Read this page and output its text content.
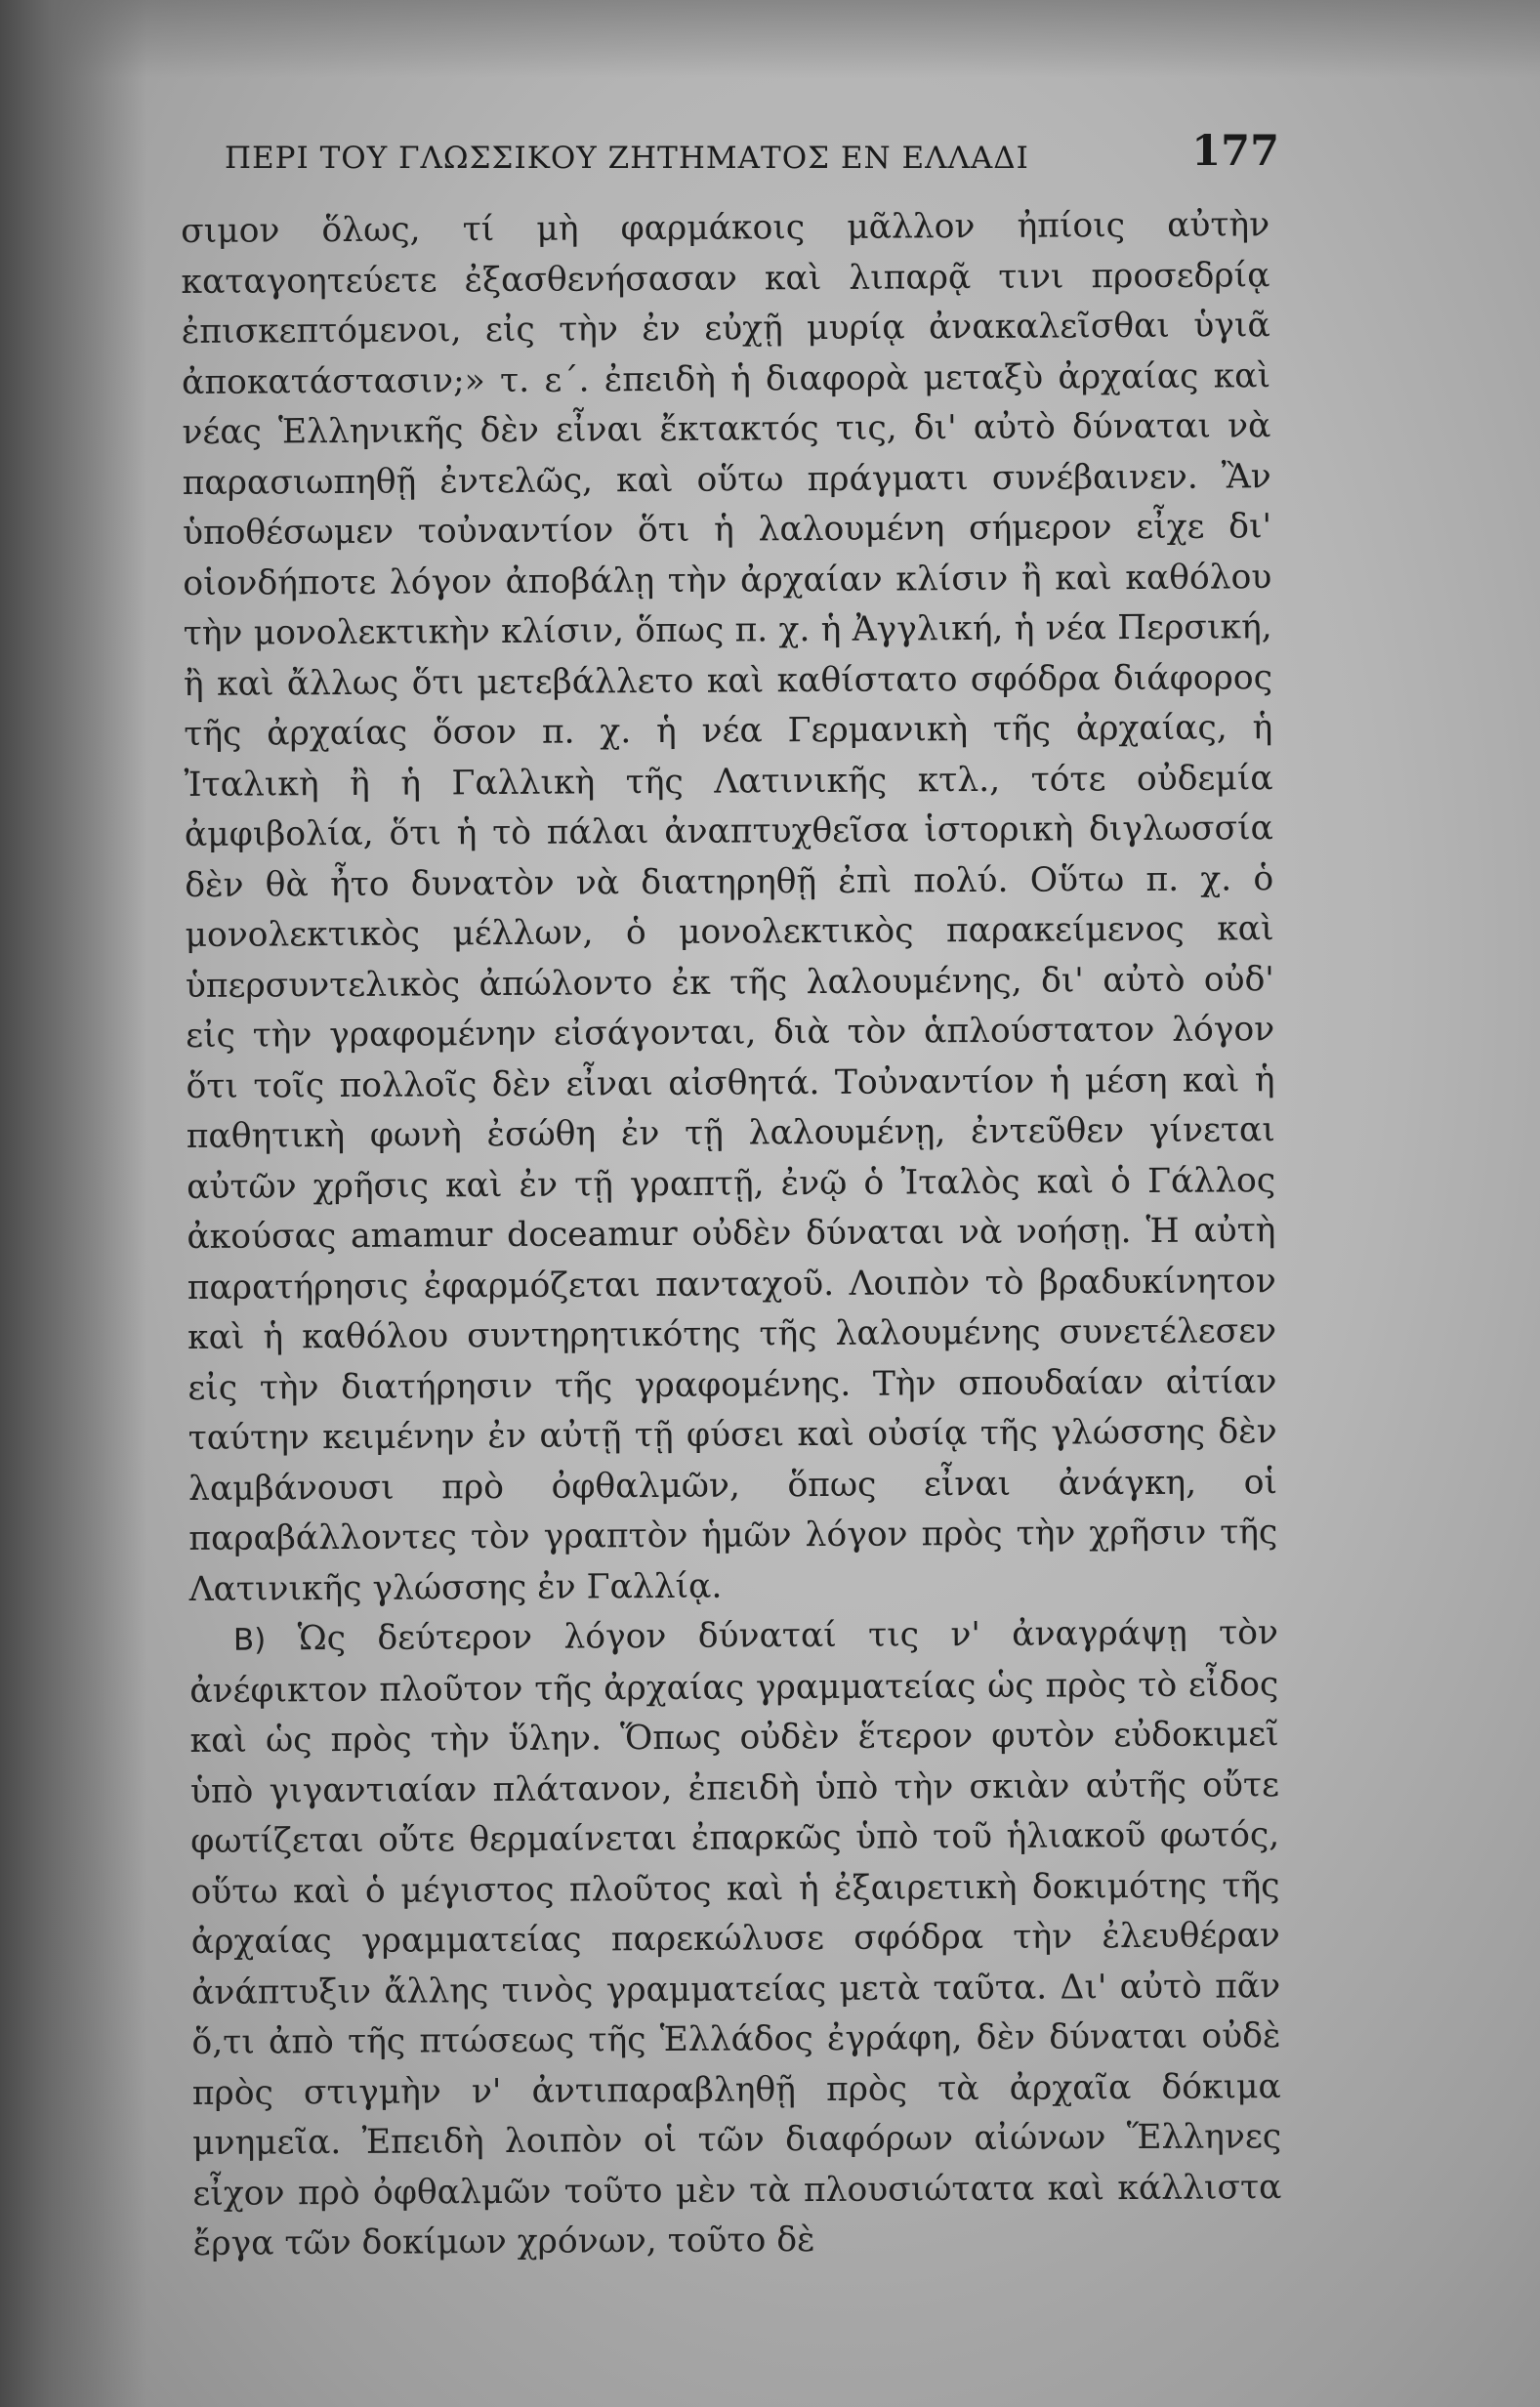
ΠΕΡΙ ΤΟΥ ΓΛΩΣΣΙΚΟΥ ΖΗΤΗΜΑΤΟΣ ΕΝ ΕΛΛΑΔΙ	177

σιμον ὅλως, τί μὴ φαρμάκοις μᾶλλον ἠπίοις αὐτὴν καταγοητεύετε ἐξασθενήσασαν καὶ λιπαρᾷ τινι προσεδρίᾳ ἐπισκεπτόμενοι, εἰς τὴν ἐν εὐχῇ μυρίᾳ ἀνακαλεῖσθαι ὑγιᾶ ἀποκατάστασιν;» τ. ε΄. ἐπειδὴ ἡ διαφορὰ μεταξὺ ἀρχαίας καὶ νέας Ἑλληνικῆς δὲν εἶναι ἔκτακτός τις, δι' αὐτὸ δύναται νὰ παρασιωπηθῇ ἐντελῶς, καὶ οὕτω πράγματι συνέβαινεν. Ἂν ὑποθέσωμεν τοὐναντίον ὅτι ἡ λαλουμένη σήμερον εἶχε δι' οἱονδήποτε λόγον ἀποβάλῃ τὴν ἀρχαίαν κλίσιν ἢ καὶ καθόλου τὴν μονολεκτικὴν κλίσιν, ὅπως π. χ. ἡ Ἀγγλική, ἡ νέα Περσική, ἢ καὶ ἄλλως ὅτι μετεβάλλετο καὶ καθίστατο σφόδρα διάφορος τῆς ἀρχαίας ὅσον π. χ. ἡ νέα Γερμανικὴ τῆς ἀρχαίας, ἡ Ἰταλικὴ ἢ ἡ Γαλλικὴ τῆς Λατινικῆς κτλ., τότε οὐδεμία ἀμφιβολία, ὅτι ἡ τὸ πάλαι ἀναπτυχθεῖσα ἱστορικὴ διγλωσσία δὲν θὰ ἦτο δυνατὸν νὰ διατηρηθῇ ἐπὶ πολύ. Οὕτω π. χ. ὁ μονολεκτικὸς μέλλων, ὁ μονολεκτικὸς παρακείμενος καὶ ὑπερσυντελικὸς ἀπώλοντο ἐκ τῆς λαλουμένης, δι' αὐτὸ οὐδ' εἰς τὴν γραφομένην εἰσάγονται, διὰ τὸν ἁπλούστατον λόγον ὅτι τοῖς πολλοῖς δὲν εἶναι αἰσθητά. Τοὐναντίον ἡ μέση καὶ ἡ παθητικὴ φωνὴ ἐσώθη ἐν τῇ λαλουμένῃ, ἐντεῦθεν γίνεται αὐτῶν χρῆσις καὶ ἐν τῇ γραπτῇ, ἐνῷ ὁ Ἰταλὸς καὶ ὁ Γάλλος ἀκούσας amamur doceamur οὐδὲν δύναται νὰ νοήσῃ. Ἡ αὐτὴ παρατήρησις ἐφαρμόζεται πανταχοῦ. Λοιπὸν τὸ βραδυκίνητον καὶ ἡ καθόλου συντηρητικότης τῆς λαλουμένης συνετέλεσεν εἰς τὴν διατήρησιν τῆς γραφομένης. Τὴν σπουδαίαν αἰτίαν ταύτην κειμένην ἐν αὐτῇ τῇ φύσει καὶ οὐσίᾳ τῆς γλώσσης δὲν λαμβάνουσι πρὸ ὀφθαλμῶν, ὅπως εἶναι ἀνάγκη, οἱ παραβάλλοντες τὸν γραπτὸν ἡμῶν λόγον πρὸς τὴν χρῆσιν τῆς Λατινικῆς γλώσσης ἐν Γαλλίᾳ.

B) Ὡς δεύτερον λόγον δύναταί τις ν' ἀναγράψῃ τὸν ἀνέφικτον πλοῦτον τῆς ἀρχαίας γραμματείας ὡς πρὸς τὸ εἶδος καὶ ὡς πρὸς τὴν ὕλην. Ὅπως οὐδὲν ἕτερον φυτὸν εὐδοκιμεῖ ὑπὸ γιγαντιαίαν πλάτανον, ἐπειδὴ ὑπὸ τὴν σκιὰν αὐτῆς οὔτε φωτίζεται οὔτε θερμαίνεται ἐπαρκῶς ὑπὸ τοῦ ἡλιακοῦ φωτός, οὕτω καὶ ὁ μέγιστος πλοῦτος καὶ ἡ ἐξαιρετικὴ δοκιμότης τῆς ἀρχαίας γραμματείας παρεκώλυσε σφόδρα τὴν ἐλευθέραν ἀνάπτυξιν ἄλλης τινὸς γραμματείας μετὰ ταῦτα. Δι' αὐτὸ πᾶν ὅ,τι ἀπὸ τῆς πτώσεως τῆς Ἑλλάδος ἐγράφη, δὲν δύναται οὐδὲ πρὸς στιγμὴν ν' ἀντιπαραβληθῇ πρὸς τὰ ἀρχαῖα δόκιμα μνημεῖα. Ἐπειδὴ λοιπὸν οἱ τῶν διαφόρων αἰώνων Ἕλληνες εἶχον πρὸ ὀφθαλμῶν τοῦτο μὲν τὰ πλουσιώτατα καὶ κάλλιστα ἔργα τῶν δοκίμων χρόνων, τοῦτο δὲ
